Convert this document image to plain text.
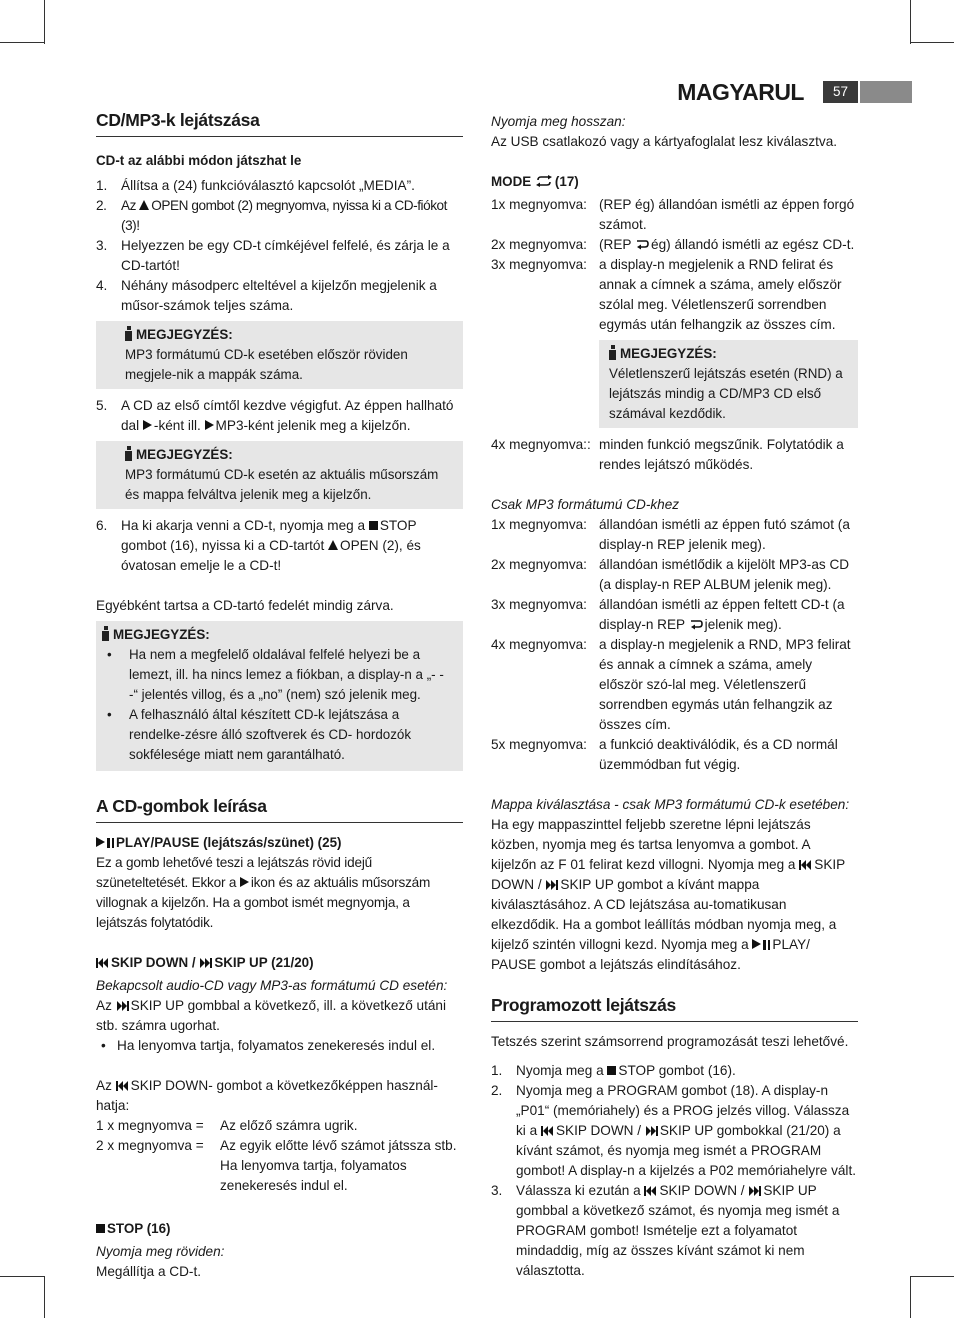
MAGYARUL	57
CD/MP3-k lejátszása

CD-t az alábbi módon játszhat le

1. Állítsa a (24) funkcióválasztó kapcsolót „MEDIA”.
2. Az OPEN gombot (2) megnyomva, nyissa ki a CD-fiókot (3)!
3. Helyezzen be egy CD-t címkéjével felfelé, és zárja le a CD-tartót!
4. Néhány másodperc elteltével a kijelzőn megjelenik a műsor-számok teljes száma.
MEGJEGYZÉS:
MP3 formátumú CD-k esetében először röviden megjele-nik a mappák száma.
5. A CD az első címtől kezdve végigfut. Az éppen hallható dal -ként ill. MP3-ként jelenik meg a kijelzőn.
MEGJEGYZÉS:
MP3 formátumú CD-k esetén az aktuális műsorszám és mappa felváltva jelenik meg a kijelzőn.
6. Ha ki akarja venni a CD-t, nyomja meg a STOP gombot (16), nyissa ki a CD-tartót OPEN (2), és óvatosan emelje le a CD-t!

Egyébként tartsa a CD-tartó fedelét mindig zárva.

MEGJEGYZÉS:
• Ha nem a megfelelő oldalával felfelé helyezi be a lemezt, ill. ha nincs lemez a fiókban, a display-n a „- - -“ jelentés villog, és a „no” (nem) szó jelenik meg.
• A felhasználó által készített CD-k lejátszása a rendelke-zésre álló szoftverek és CD- hordozók sokfélesége miatt nem garantálható.
A CD-gombok leírása

PLAY/PAUSE (lejátszás/szünet) (25)

Ez a gomb lehetővé teszi a lejátszás rövid idejű szüneteltetését. Ekkor a ikon és az aktuális műsorszám villognak a kijelzőn. Ha a gombot ismét megnyomja, a lejátszás folytatódik.

SKIP DOWN / SKIP UP (21/20)

Bekapcsolt audio-CD vagy MP3-as formátumú CD esetén:

Az SKIP UP gombbal a következő, ill. a következő utáni stb. számra ugorhat.

• Ha lenyomva tartja, folyamatos zenekeresés indul el.

Az SKIP DOWN- gombot a következőképpen használ-hatja:

1 x megnyomva =	Az előző számra ugrik.
2 x megnyomva =	Az egyik előtte lévő számot játssza stb. Ha lenyomva tartja, folyamatos zenekeresés indul el.

STOP (16)

Nyomja meg röviden:

Megállítja a CD-t.

Nyomja meg hosszan:

Az USB csatlakozó vagy a kártyafoglalat lesz kiválasztva.

MODE (17)

1x megnyomva: (REP ég) állandóan ismétli az éppen forgó számot.
2x megnyomva: (REP ég) állandó ismétli az egész CD-t.
3x megnyomva: a display-n megjelenik a RND felirat és annak a címnek a száma, amely először szólal meg. Véletlenszerű sorrendben egymás után felhangzik az összes cím.
MEGJEGYZÉS:
Véletlenszerű lejátszás esetén (RND) a lejátszás mindig a CD/MP3 CD első számával kezdődik.
4x megnyomva:: minden funkció megszűnik. Folytatódik a rendes lejátszó működés.

Csak MP3 formátumú CD-khez

1x megnyomva: állandóan ismétli az éppen futó számot (a display-n REP jelenik meg).
2x megnyomva: állandóan ismétlődik a kijelölt MP3-as CD (a display-n REP ALBUM jelenik meg).
3x megnyomva: állandóan ismétli az éppen feltett CD-t (a display-n REP jelenik meg).
4x megnyomva: a display-n megjelenik a RND, MP3 felirat és annak a címnek a száma, amely először szó-lal meg. Véletlenszerű sorrendben egymás után felhangzik az összes cím.
5x megnyomva: a funkció deaktiválódik, és a CD normál üzemmódban fut végig.

Mappa kiválasztása - csak MP3 formátumú CD-k esetében:

Ha egy mappaszinttel feljebb szeretne lépni lejátszás közben, nyomja meg és tartsa lenyomva a gombot. A kijelzőn az F 01 felirat kezd villogni. Nyomja meg a SKIP DOWN / SKIP UP gombot a kívánt mappa kiválasztásához. A CD lejátszása au-tomatikusan elkezdődik. Ha a gombot leállítás módban nyomja meg, a kijelző szintén villogni kezd. Nyomja meg a PLAY/ PAUSE gombot a lejátszás elindításához.

Programozott lejátszás

Tetszés szerint számsorrend programozását teszi lehetővé.

1. Nyomja meg a STOP gombot (16).
2. Nyomja meg a PROGRAM gombot (18). A display-n „P01“ (memóriahely) és a PROG jelzés villog. Válassza ki a SKIP DOWN / SKIP UP gombokkal (21/20) a kívánt számot, és nyomja meg ismét a PROGRAM gombot! A display-n a kijelzés a P02 memóriahelyre vált.
3. Válassza ki ezután a SKIP DOWN / SKIP UP gombbal a következő számot, és nyomja meg ismét a PROGRAM gombot! Ismételje ezt a folyamatot mindaddig, míg az összes kívánt számot ki nem választotta.
